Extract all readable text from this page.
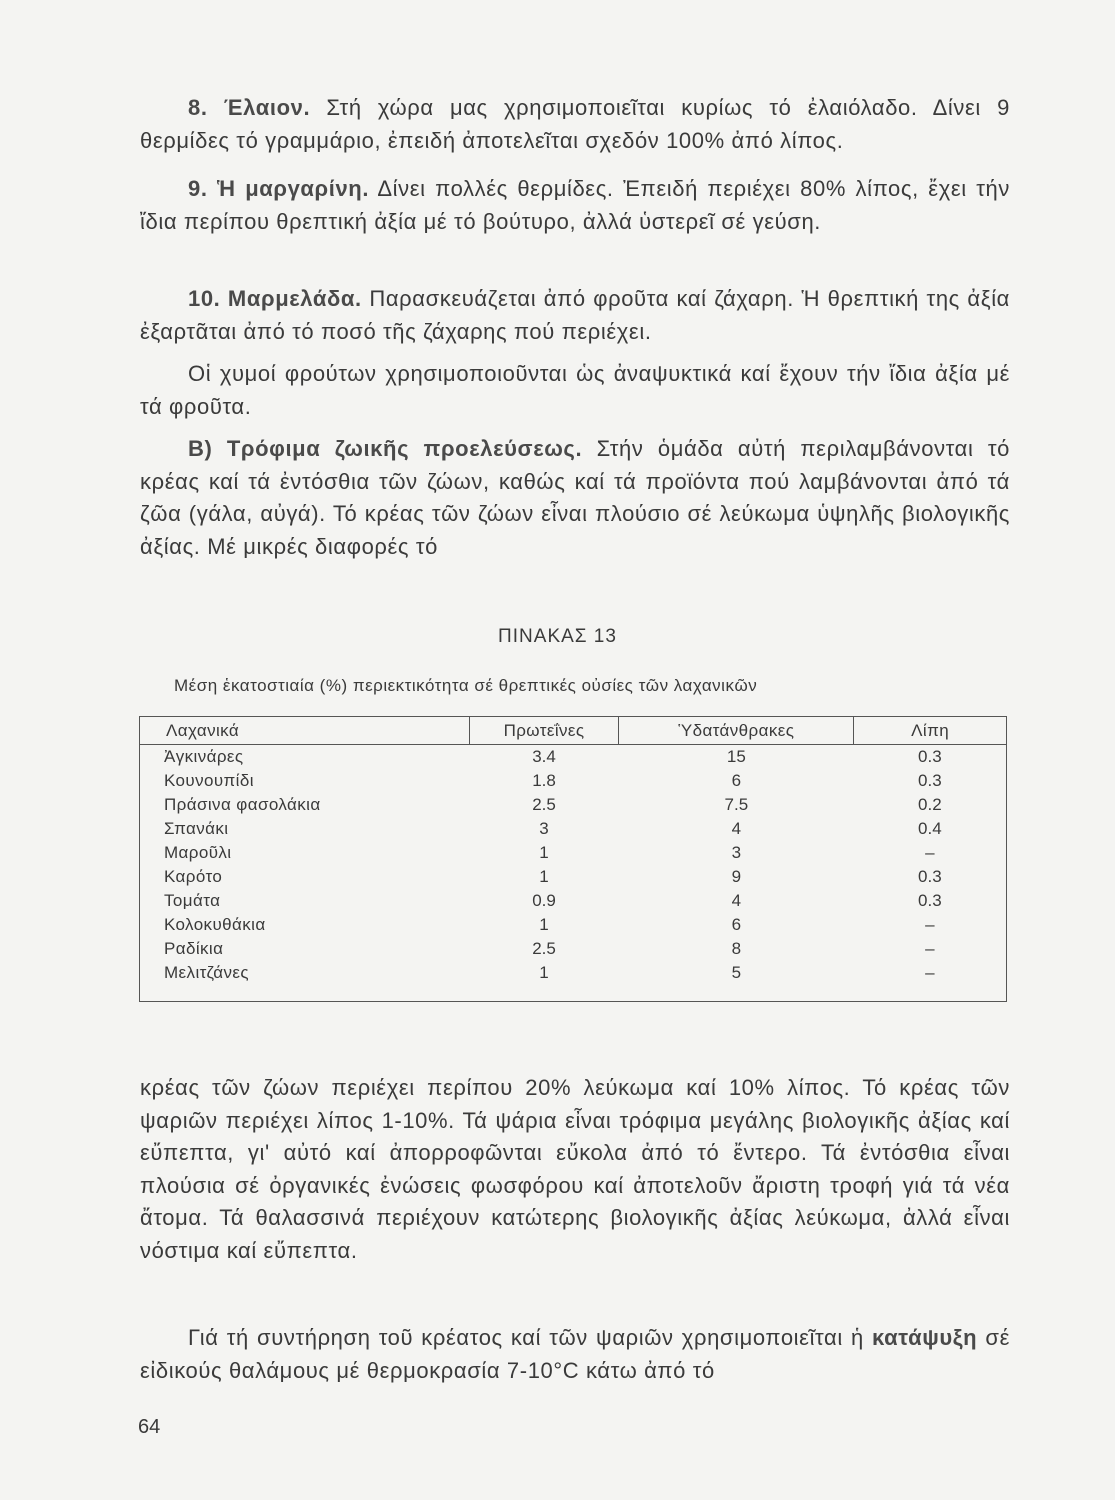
8. Έλαιον. Στή χώρα μας χρησιμοποιεῖται κυρίως τό ἐλαιόλαδο. Δίνει 9 θερμίδες τό γραμμάριο, ἐπειδή ἀποτελεῖται σχεδόν 100% ἀπό λίπος.

9. Ἡ μαργαρίνη. Δίνει πολλές θερμίδες. Ἐπειδή περιέχει 80% λίπος, ἔχει τήν ἴδια περίπου θρεπτική ἀξία μέ τό βούτυρο, ἀλλά ὑστερεῖ σέ γεύση.

10. Μαρμελάδα. Παρασκευάζεται ἀπό φροῦτα καί ζάχαρη. Ἡ θρεπτική της ἀξία ἐξαρτᾶται ἀπό τό ποσό τῆς ζάχαρης πού περιέχει.

Οἱ χυμοί φρούτων χρησιμοποιοῦνται ὡς ἀναψυκτικά καί ἔχουν τήν ἴδια ἀξία μέ τά φροῦτα.

Β) Τρόφιμα ζωικῆς προελεύσεως. Στήν ὁμάδα αὐτή περιλαμβάνονται τό κρέας καί τά ἐντόσθια τῶν ζώων, καθώς καί τά προϊόντα πού λαμβάνονται ἀπό τά ζῶα (γάλα, αὐγά). Τό κρέας τῶν ζώων εἶναι πλούσιο σέ λεύκωμα ὑψηλῆς βιολογικῆς ἀξίας. Μέ μικρές διαφορές τό

ΠΙΝΑΚΑΣ 13
Μέση ἑκατοστιαία (%) περιεκτικότητα σέ θρεπτικές οὐσίες τῶν λαχανικῶν
Λαχανικά	Πρωτεΐνες	Ὑδατάνθρακες	Λίπη
Ἀγκινάρες	3.4	15	0.3
Κουνουπίδι	1.8	6	0.3
Πράσινα φασολάκια	2.5	7.5	0.2
Σπανάκι	3	4	0.4
Μαροῦλι	1	3	–
Καρότο	1	9	0.3
Τομάτα	0.9	4	0.3
Κολοκυθάκια	1	6	–
Ραδίκια	2.5	8	–
Μελιτζάνες	1	5	–

κρέας τῶν ζώων περιέχει περίπου 20% λεύκωμα καί 10% λίπος. Τό κρέας τῶν ψαριῶν περιέχει λίπος 1-10%. Τά ψάρια εἶναι τρόφιμα μεγάλης βιολογικῆς ἀξίας καί εὔπεπτα, γι' αὐτό καί ἀπορροφῶνται εὔκολα ἀπό τό ἔντερο. Τά ἐντόσθια εἶναι πλούσια σέ ὀργανικές ἐνώσεις φωσφόρου καί ἀποτελοῦν ἄριστη τροφή γιά τά νέα ἄτομα. Τά θαλασσινά περιέχουν κατώτερης βιολογικῆς ἀξίας λεύκωμα, ἀλλά εἶναι νόστιμα καί εὔπεπτα.

Γιά τή συντήρηση τοῦ κρέατος καί τῶν ψαριῶν χρησιμοποιεῖται ἡ κατάψυξη σέ εἰδικούς θαλάμους μέ θερμοκρασία 7-10°C κάτω ἀπό τό

64
